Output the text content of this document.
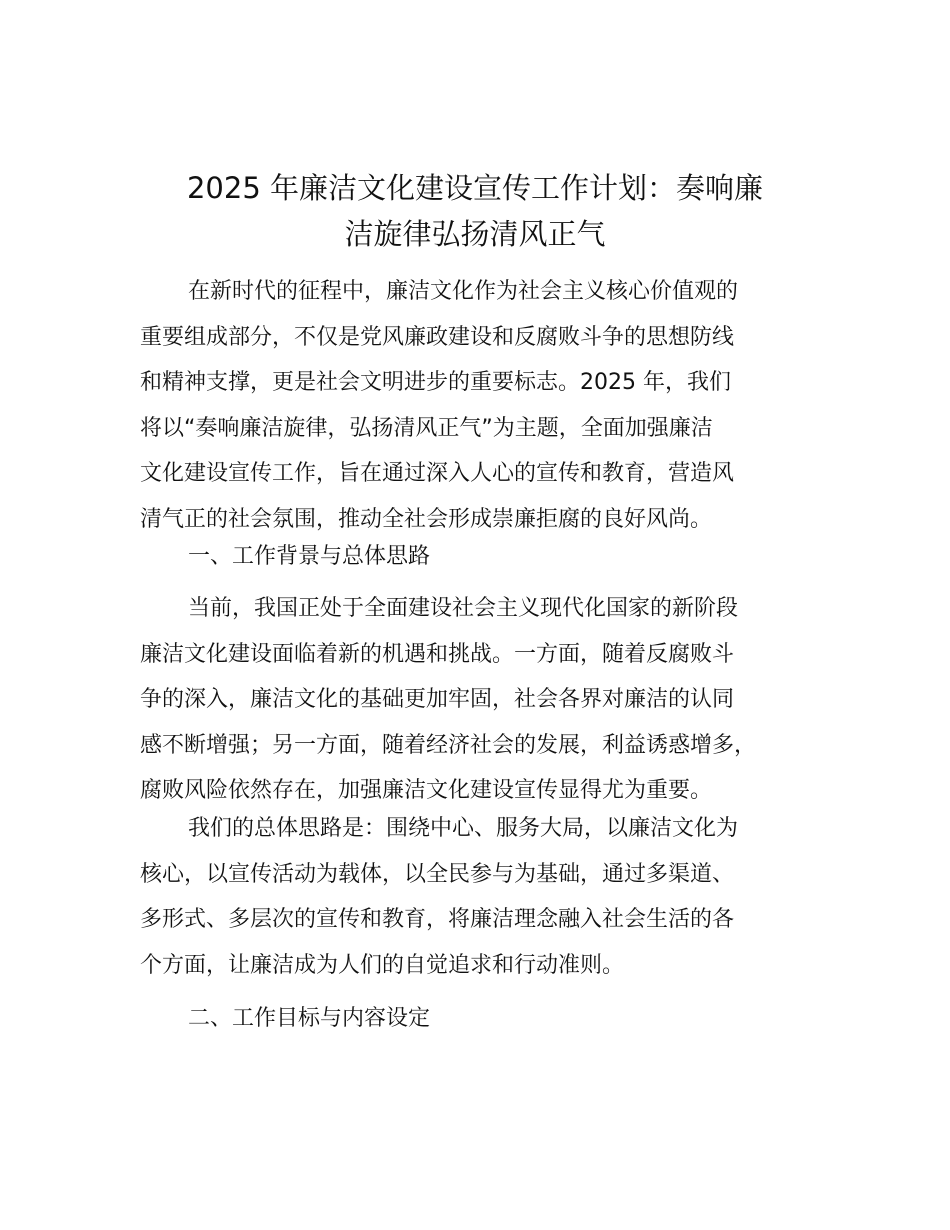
2025 年廉洁文化建设宣传工作计划：奏响廉
洁旋律弘扬清风正气
在新时代的征程中，廉洁文化作为社会主义核心价值观的
重要组成部分，不仅是党风廉政建设和反腐败斗争的思想防线
和精神支撑，更是社会文明进步的重要标志。2025 年，我们
将以“奏响廉洁旋律，弘扬清风正气”为主题，全面加强廉洁
文化建设宣传工作，旨在通过深入人心的宣传和教育，营造风
清气正的社会氛围，推动全社会形成崇廉拒腐的良好风尚。
一、工作背景与总体思路
当前，我国正处于全面建设社会主义现代化国家的新阶段
廉洁文化建设面临着新的机遇和挑战。一方面，随着反腐败斗
争的深入，廉洁文化的基础更加牢固，社会各界对廉洁的认同
感不断增强；另一方面，随着经济社会的发展，利益诱惑增多，
腐败风险依然存在，加强廉洁文化建设宣传显得尤为重要。
我们的总体思路是：围绕中心、服务大局，以廉洁文化为
核心，以宣传活动为载体，以全民参与为基础，通过多渠道、
多形式、多层次的宣传和教育，将廉洁理念融入社会生活的各
个方面，让廉洁成为人们的自觉追求和行动准则。
二、工作目标与内容设定
